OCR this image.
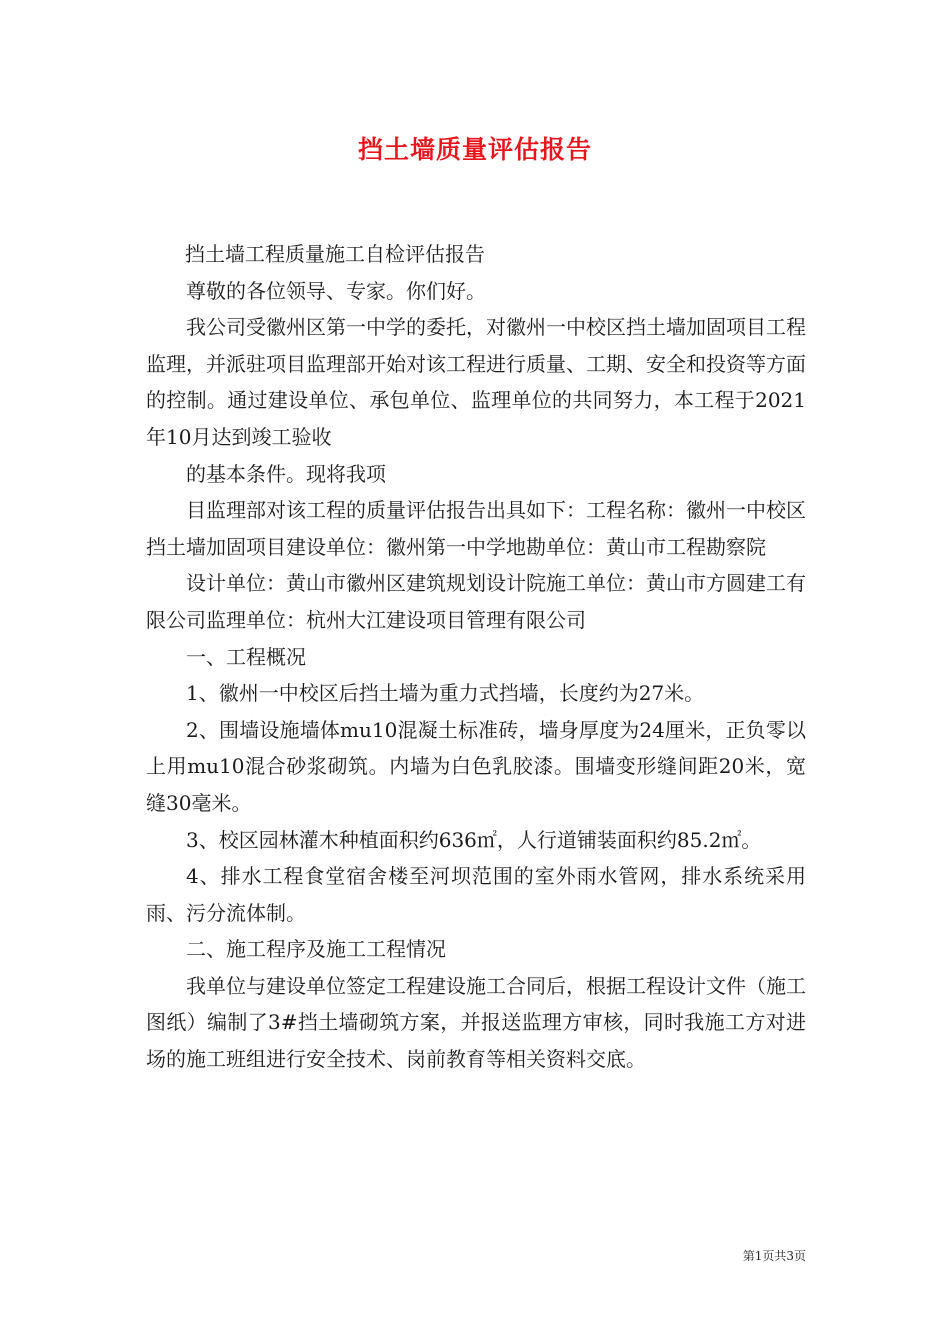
挡土墙质量评估报告

挡土墙工程质量施工自检评估报告

尊敬的各位领导、专家。你们好。

我公司受徽州区第一中学的委托，对徽州一中校区挡土墙加固项目工程监理，并派驻项目监理部开始对该工程进行质量、工期、安全和投资等方面的控制。通过建设单位、承包单位、监理单位的共同努力，本工程于2021年10月达到竣工验收

的基本条件。现将我项

目监理部对该工程的质量评估报告出具如下：工程名称：徽州一中校区挡土墙加固项目建设单位：徽州第一中学地勘单位：黄山市工程勘察院

设计单位：黄山市徽州区建筑规划设计院施工单位：黄山市方圆建工有限公司监理单位：杭州大江建设项目管理有限公司

一、工程概况

1、徽州一中校区后挡土墙为重力式挡墙，长度约为27米。

2、围墙设施墙体mu10混凝土标准砖，墙身厚度为24厘米，正负零以上用mu10混合砂浆砌筑。内墙为白色乳胶漆。围墙变形缝间距20米，宽缝30毫米。

3、校区园林灌木种植面积约636㎡，人行道铺装面积约85.2㎡。

4、排水工程食堂宿舍楼至河坝范围的室外雨水管网，排水系统采用雨、污分流体制。

二、施工程序及施工工程情况

我单位与建设单位签定工程建设施工合同后，根据工程设计文件（施工图纸）编制了3#挡土墙砌筑方案，并报送监理方审核，同时我施工方对进场的施工班组进行安全技术、岗前教育等相关资料交底。

第1页共3页
